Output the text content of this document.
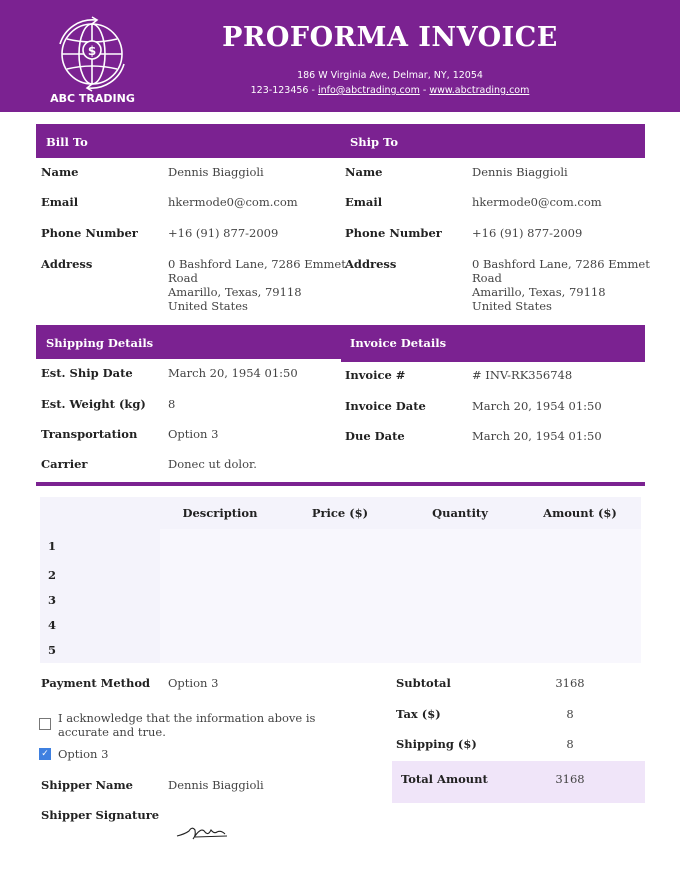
$
ABC TRADING
PROFORMA INVOICE
186 W Virginia Ave, Delmar, NY, 12054
123-123456 - info@abctrading.com - www.abctrading.com
Bill To	Ship To
Name	Dennis Biaggioli
Email	hkermode0@com.com
Phone Number	+16 (91) 877-2009
Address	0 Bashford Lane, 7286 Emmet
Road
Amarillo, Texas, 79118
United States
Name	Dennis Biaggioli
Email	hkermode0@com.com
Phone Number	+16 (91) 877-2009
Address	0 Bashford Lane, 7286 Emmet
Road
Amarillo, Texas, 79118
United States
Shipping Details	Invoice Details
Est. Ship Date	March 20, 1954 01:50
Est. Weight (kg) 8
Transportation	Option 3
Carrier	Donec ut dolor.
Invoice #	# INV-RK356748
Invoice Date	March 20, 1954 01:50
Due Date	March 20, 1954 01:50
Description	Price ($)	Quantity	Amount ($)
1
2
3
4
5
Payment Method Option 3
I acknowledge that the information above is
accurate and true.
✓ Option 3
Shipper Name	Dennis Biaggioli
Shipper Signature
Subtotal	3168
Tax ($)	8
Shipping ($)	8
Total Amount	3168
